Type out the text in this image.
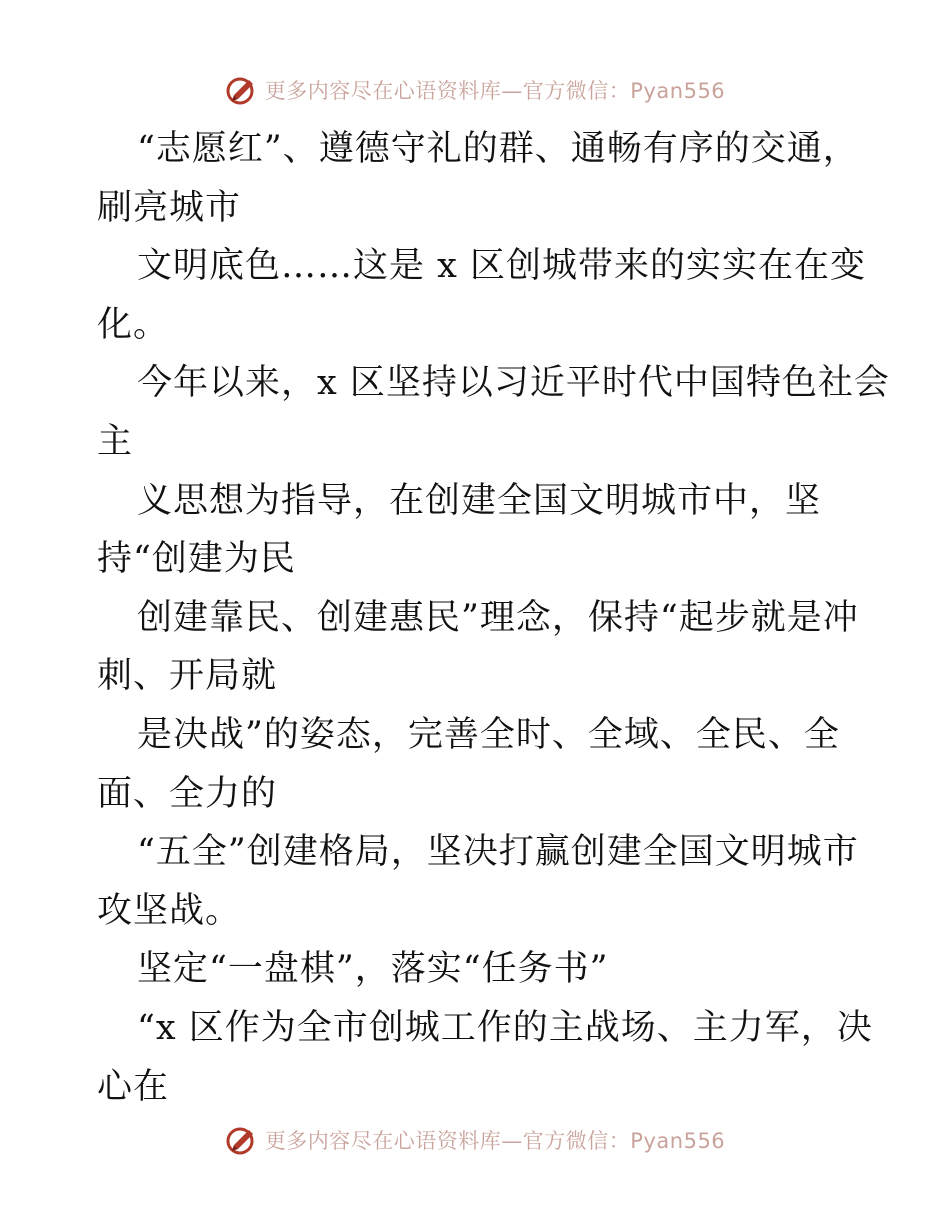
更多内容尽在心语资料库—官方微信：Pyan556
“志愿红”、遵德守礼的群、通畅有序的交通，
刷亮城市
文明底色……这是 x 区创城带来的实实在在变
化。
今年以来，x 区坚持以习近平时代中国特色社会
主
义思想为指导，在创建全国文明城市中，坚
持“创建为民
创建靠民、创建惠民”理念，保持“起步就是冲
刺、开局就
是决战”的姿态，完善全时、全域、全民、全
面、全力的
“五全”创建格局，坚决打赢创建全国文明城市
攻坚战。
坚定“一盘棋”，落实“任务书”
“x 区作为全市创城工作的主战场、主力军，决
心在
更多内容尽在心语资料库—官方微信：Pyan556
